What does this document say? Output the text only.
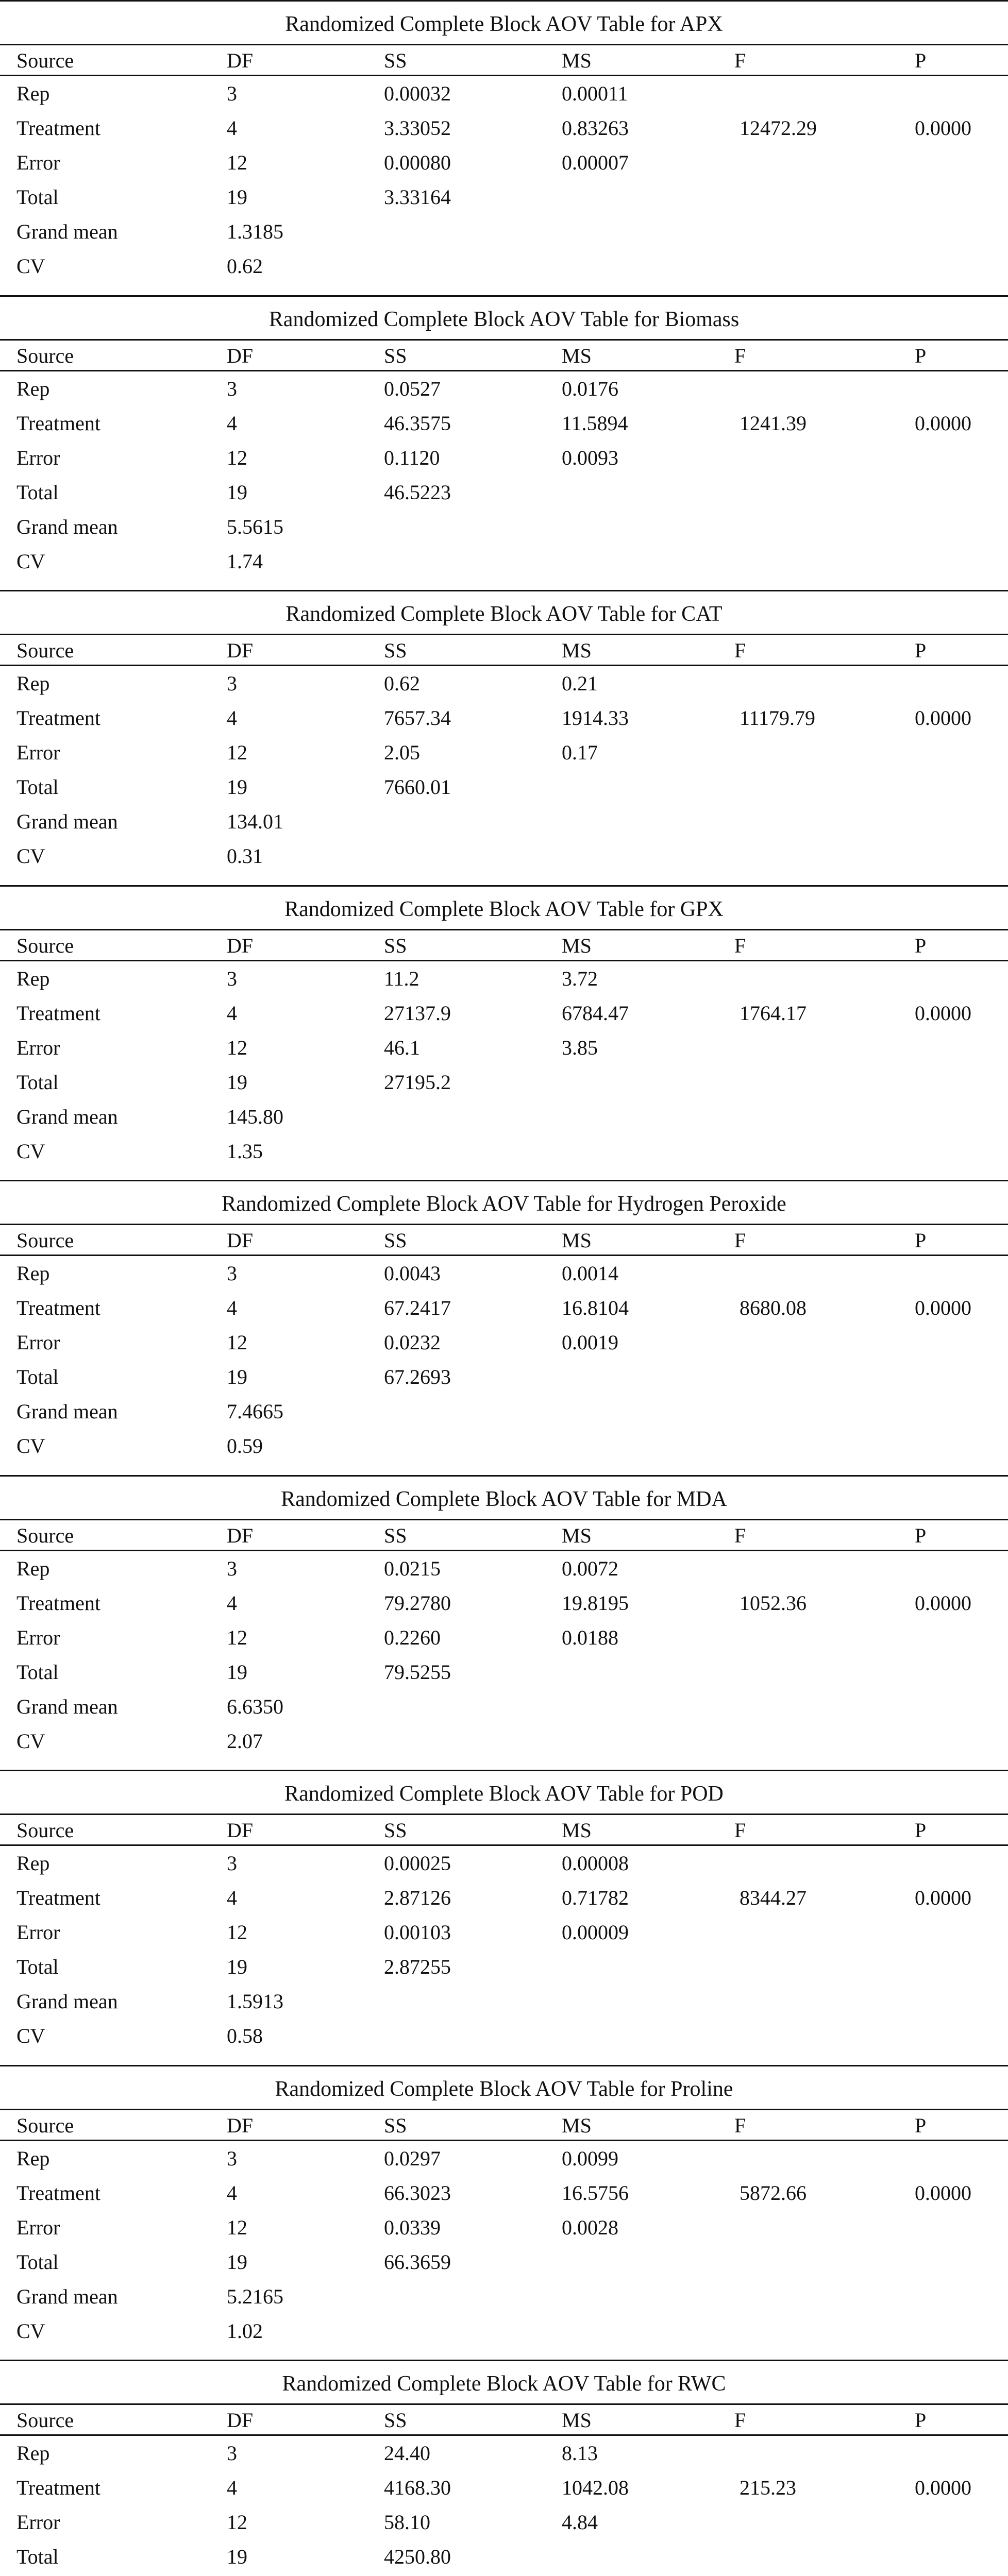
Randomized Complete Block AOV Table for APX
Source	DF	SS	MS	F	P
Rep	3	0.00032	0.00011
Treatment	4	3.33052	0.83263	12472.29	0.0000
Error	12	0.00080	0.00007
Total	19	3.33164
Grand mean	1.3185
CV	0.62
Randomized Complete Block AOV Table for Biomass
Source	DF	SS	MS	F	P
Rep	3	0.0527	0.0176
Treatment	4	46.3575	11.5894	1241.39	0.0000
Error	12	0.1120	0.0093
Total	19	46.5223
Grand mean	5.5615
CV	1.74
Randomized Complete Block AOV Table for CAT
Source	DF	SS	MS	F	P
Rep	3	0.62	0.21
Treatment	4	7657.34	1914.33	11179.79	0.0000
Error	12	2.05	0.17
Total	19	7660.01
Grand mean	134.01
CV	0.31
Randomized Complete Block AOV Table for GPX
Source	DF	SS	MS	F	P
Rep	3	11.2	3.72
Treatment	4	27137.9	6784.47	1764.17	0.0000
Error	12	46.1	3.85
Total	19	27195.2
Grand mean	145.80
CV	1.35
Randomized Complete Block AOV Table for Hydrogen Peroxide
Source	DF	SS	MS	F	P
Rep	3	0.0043	0.0014
Treatment	4	67.2417	16.8104	8680.08	0.0000
Error	12	0.0232	0.0019
Total	19	67.2693
Grand mean	7.4665
CV	0.59
Randomized Complete Block AOV Table for MDA
Source	DF	SS	MS	F	P
Rep	3	0.0215	0.0072
Treatment	4	79.2780	19.8195	1052.36	0.0000
Error	12	0.2260	0.0188
Total	19	79.5255
Grand mean	6.6350
CV	2.07
Randomized Complete Block AOV Table for POD
Source	DF	SS	MS	F	P
Rep	3	0.00025	0.00008
Treatment	4	2.87126	0.71782	8344.27	0.0000
Error	12	0.00103	0.00009
Total	19	2.87255
Grand mean	1.5913
CV	0.58
Randomized Complete Block AOV Table for Proline
Source	DF	SS	MS	F	P
Rep	3	0.0297	0.0099
Treatment	4	66.3023	16.5756	5872.66	0.0000
Error	12	0.0339	0.0028
Total	19	66.3659
Grand mean	5.2165
CV	1.02
Randomized Complete Block AOV Table for RWC
Source	DF	SS	MS	F	P
Rep	3	24.40	8.13
Treatment	4	4168.30	1042.08	215.23	0.0000
Error	12	58.10	4.84
Total	19	4250.80
